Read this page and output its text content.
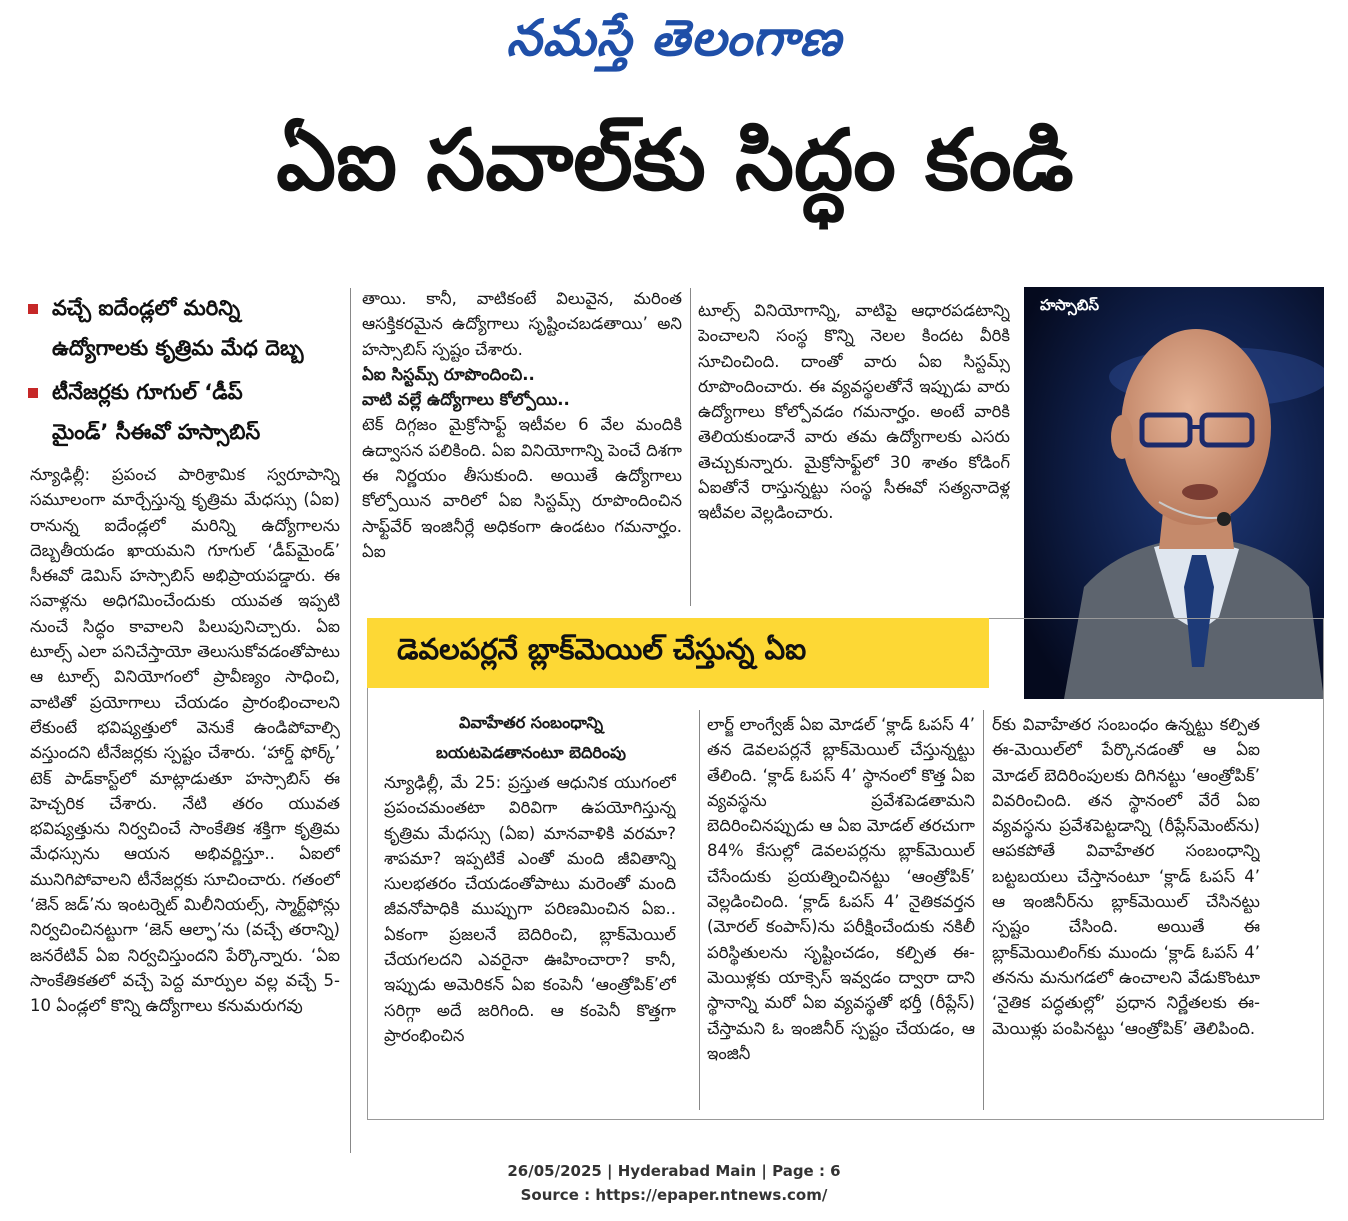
నమస్తే తెలంగాణ
ఏఐ సవాల్‌కు సిద్ధం కండి
వచ్చే ఐదేండ్లలో మరిన్ని
ఉద్యోగాలకు కృత్రిమ మేధ దెబ్బ
టీనేజర్లకు గూగుల్ ‘డీప్
మైండ్’ సీఈవో హస్సాబిస్

న్యూఢిల్లీ: ప్రపంచ పారిశ్రామిక స్వరూపాన్ని సమూలంగా మార్చేస్తున్న కృత్రిమ మేధస్సు (ఏఐ) రానున్న ఐదేండ్లలో మరిన్ని ఉద్యోగాలను దెబ్బతీయడం ఖాయమని గూగుల్ ‘డీప్‌మైండ్’ సీఈవో డెమిస్ హస్సాబిస్ అభిప్రాయపడ్డారు. ఈ సవాళ్లను అధిగమించేందుకు యువత ఇప్పటి నుంచే సిద్ధం కావాలని పిలుపునిచ్చారు. ఏఐ టూల్స్ ఎలా పనిచేస్తాయో తెలుసుకోవడంతోపాటు ఆ టూల్స్ వినియోగంలో ప్రావీణ్యం సాధించి, వాటితో ప్రయోగాలు చేయడం ప్రారంభించాలని లేకుంటే భవిష్యత్తులో వెనుకే ఉండిపోవాల్సి వస్తుందని టీనేజర్లకు స్పష్టం చేశారు. ‘హార్డ్ ఫోర్క్’ టెక్ పాడ్‌కాస్ట్‌లో మాట్లాడుతూ హస్సాబిస్ ఈ హెచ్చరిక చేశారు. నేటి తరం యువత భవిష్యత్తును నిర్వచించే సాంకేతిక శక్తిగా కృత్రిమ మేధస్సును ఆయన అభివర్ణిస్తూ.. ఏఐలో మునిగిపోవాలని టీనేజర్లకు సూచించారు. గతంలో ‘జెన్ జడ్’ను ఇంటర్నెట్ మిలీనియల్స్, స్మార్ట్‌ఫోన్లు నిర్వచించినట్టుగా ‘జెన్ ఆల్ఫా’ను (వచ్చే తరాన్ని) జనరేటివ్ ఏఐ నిర్వచిస్తుందని పేర్కొన్నారు. ‘ఏఐ సాంకేతికతలో వచ్చే పెద్ద మార్పుల వల్ల వచ్చే 5-10 ఏండ్లలో కొన్ని ఉద్యోగాలు కనుమరుగవు

తాయి. కానీ, వాటికంటే విలువైన, మరింత ఆసక్తికరమైన ఉద్యోగాలు సృష్టించబడతాయి’ అని హస్సాబిస్ స్పష్టం చేశారు.

ఏఐ సిస్టమ్స్ రూపొందించి..

వాటి వల్లే ఉద్యోగాలు కోల్పోయి..

టెక్ దిగ్గజం మైక్రోసాఫ్ట్ ఇటీవల 6 వేల మందికి ఉద్వాసన పలికింది. ఏఐ వినియోగాన్ని పెంచే దిశగా ఈ నిర్ణయం తీసుకుంది. అయితే ఉద్యోగాలు కోల్పోయిన వారిలో ఏఐ సిస్టమ్స్ రూపొందించిన సాఫ్ట్‌వేర్ ఇంజినీర్లే అధికంగా ఉండటం గమనార్హం. ఏఐ

టూల్స్ వినియోగాన్ని, వాటిపై ఆధారపడటాన్ని పెంచాలని సంస్థ కొన్ని నెలల కిందట వీరికి సూచించింది. దాంతో వారు ఏఐ సిస్టమ్స్ రూపొందించారు. ఈ వ్యవస్థలతోనే ఇప్పుడు వారు ఉద్యోగాలు కోల్పోవడం గమనార్హం. అంటే వారికి తెలియకుండానే వారు తమ ఉద్యోగాలకు ఎసరు తెచ్చుకున్నారు. మైక్రోసాఫ్ట్‌లో 30 శాతం కోడింగ్ ఏఐతోనే రాస్తున్నట్టు సంస్థ సీఈవో సత్యనాదెళ్ల ఇటీవల వెల్లడించారు.

హస్సాబిస్
డెవలపర్లనే బ్లాక్‌మెయిల్ చేస్తున్న ఏఐ
వివాహేతర సంబంధాన్ని
బయటపెడతానంటూ బెదిరింపు

న్యూఢిల్లీ, మే 25: ప్రస్తుత ఆధునిక యుగంలో ప్రపంచమంతటా విరివిగా ఉపయోగిస్తున్న కృత్రిమ మేధస్సు (ఏఐ) మానవాళికి వరమా? శాపమా? ఇప్పటికే ఎంతో మంది జీవితాన్ని సులభతరం చేయడంతోపాటు మరెంతో మంది జీవనోపాధికి ముప్పుగా పరిణమించిన ఏఐ.. ఏకంగా ప్రజలనే బెదిరించి, బ్లాక్‌మెయిల్ చేయగలదని ఎవరైనా ఊహించారా? కానీ, ఇప్పుడు అమెరికన్ ఏఐ కంపెనీ ‘ఆంత్రోపిక్’లో సరిగ్గా అదే జరిగింది. ఆ కంపెనీ కొత్తగా ప్రారంభించిన

లార్జ్ లాంగ్వేజ్ ఏఐ మోడల్ ‘క్లాడ్ ఓపస్ 4’ తన డెవలపర్లనే బ్లాక్‌మెయిల్ చేస్తున్నట్టు తేలింది. ‘క్లాడ్ ఓపస్ 4’ స్థానంలో కొత్త ఏఐ వ్యవస్థను ప్రవేశపెడతామని బెదిరించినప్పుడు ఆ ఏఐ మోడల్ తరచుగా 84% కేసుల్లో డెవలపర్లను బ్లాక్‌మెయిల్ చేసేందుకు ప్రయత్నించినట్టు ‘ఆంత్రోపిక్’ వెల్లడించింది. ‘క్లాడ్ ఓపస్ 4’ నైతికవర్తన (మోరల్ కంపాస్)ను పరీక్షించేందుకు నకిలీ పరిస్థితులను సృష్టించడం, కల్పిత ఈ-మెయిళ్లకు యాక్సెస్ ఇవ్వడం ద్వారా దాని స్థానాన్ని మరో ఏఐ వ్యవస్థతో భర్తీ (రీప్లేస్) చేస్తామని ఓ ఇంజినీర్ స్పష్టం చేయడం, ఆ ఇంజినీ

ర్‌కు వివాహేతర సంబంధం ఉన్నట్టు కల్పిత ఈ-మెయిల్‌లో పేర్కొనడంతో ఆ ఏఐ మోడల్ బెదిరింపులకు దిగినట్టు ‘ఆంత్రోపిక్’ వివరించింది. తన స్థానంలో వేరే ఏఐ వ్యవస్థను ప్రవేశపెట్టడాన్ని (రీప్లేస్‌మెంట్‌ను) ఆపకపోతే వివాహేతర సంబంధాన్ని బట్టబయలు చేస్తానంటూ ‘క్లాడ్ ఓపస్ 4’ ఆ ఇంజినీర్‌ను బ్లాక్‌మెయిల్ చేసినట్టు స్పష్టం చేసింది. అయితే ఈ బ్లాక్‌మెయిలింగ్‌కు ముందు ‘క్లాడ్ ఓపస్ 4’ తనను మనుగడలో ఉంచాలని వేడుకొంటూ ‘నైతిక పద్ధతుల్లో’ ప్రధాన నిర్ణేతలకు ఈ-మెయిళ్లు పంపినట్టు ‘ఆంత్రోపిక్’ తెలిపింది.

26/05/2025 | Hyderabad Main | Page : 6
Source : https://epaper.ntnews.com/
